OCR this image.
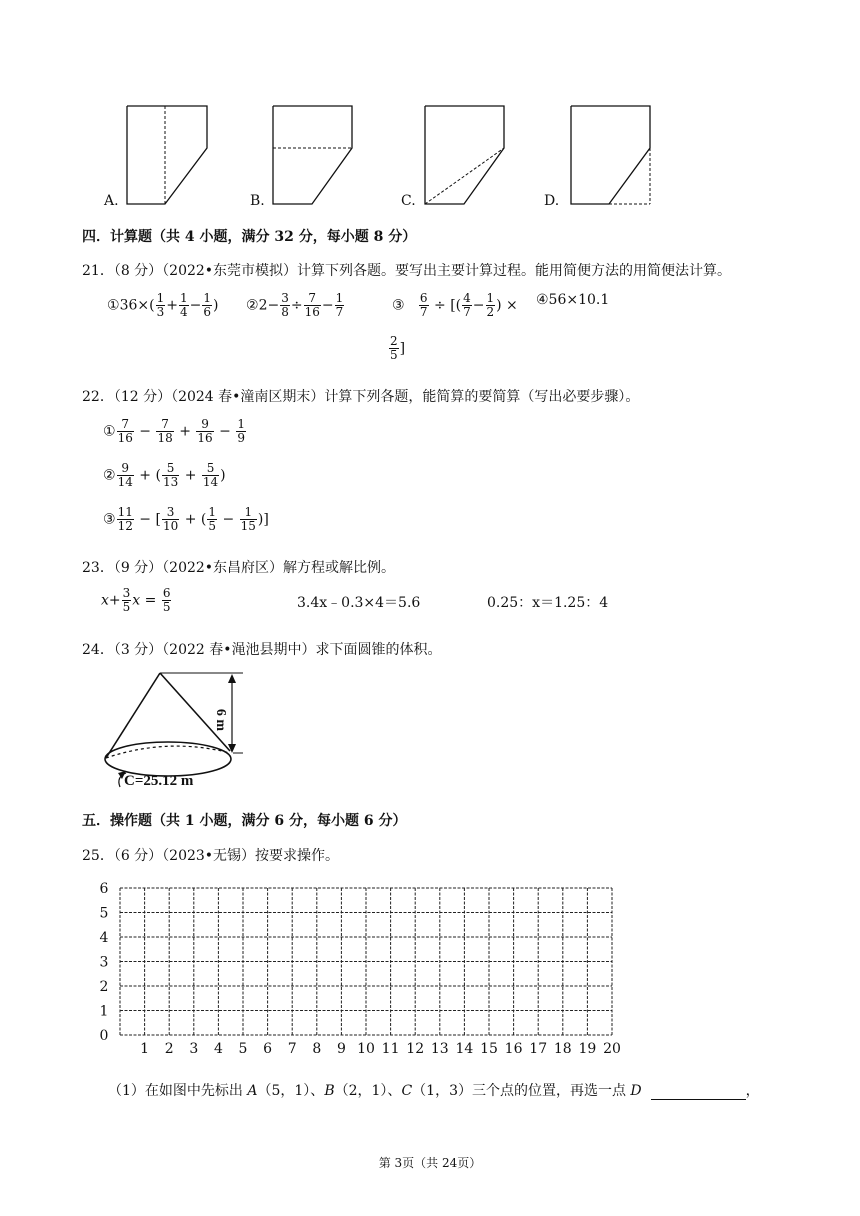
A.	B.	C.	D.
四．计算题（共 4 小题，满分 32 分，每小题 8 分）
21．（8 分）（2022•东莞市模拟）计算下列各题。要写出主要计算过程。能用简便方法的用简便法计算。
①36×( $\frac{1}{3} + \frac{1}{4} - \frac{1}{6}$ ) ②2− $\frac{3}{8} \div \frac{7}{16} - \frac{1}{7}$	③ $\frac{6}{7}$ ÷ [( $\frac{4}{7} - \frac{1}{2}$ ) × ④56×10.1
$\frac{2}{5}$ ]
22．（12 分）（2024 春•潼南区期末）计算下列各题，能简算的要简算（写出必要步骤）。
① $\frac{7}{16} - \frac{7}{18} + \frac{9}{16} - \frac{1}{9}$
② $\frac{9}{14}$ + ( $\frac{5}{13} + \frac{5}{14}$ )
③ $\frac{11}{12}$ − [ $\frac{3}{10}$ + ( $\frac{1}{5} - \frac{1}{15}$ )]
23．（9 分）（2022•东昌府区）解方程或解比例。
$x+ \frac{3}{5}$ $x = \frac{6}{5}$	3.4x﹣0.3×4＝5.6	0.25：x＝1.25：4
24．（3 分）（2022 春•渑池县期中）求下面圆锥的体积。
6 m
C=25.12 m
五．操作题（共 1 小题，满分 6 分，每小题 6 分）
25．（6 分）（2023•无锡）按要求操作。
0
1
2
3
4
5
6
1 2 3 4 5 6 7 8 9 10 11 12 13 14 15 16 17 18 19 20
（1）在如图中先标出 A（5，1）、B（2，1）、C（1，3）三个点的位置，再选一点 D	，
第 3页（共 24页）
